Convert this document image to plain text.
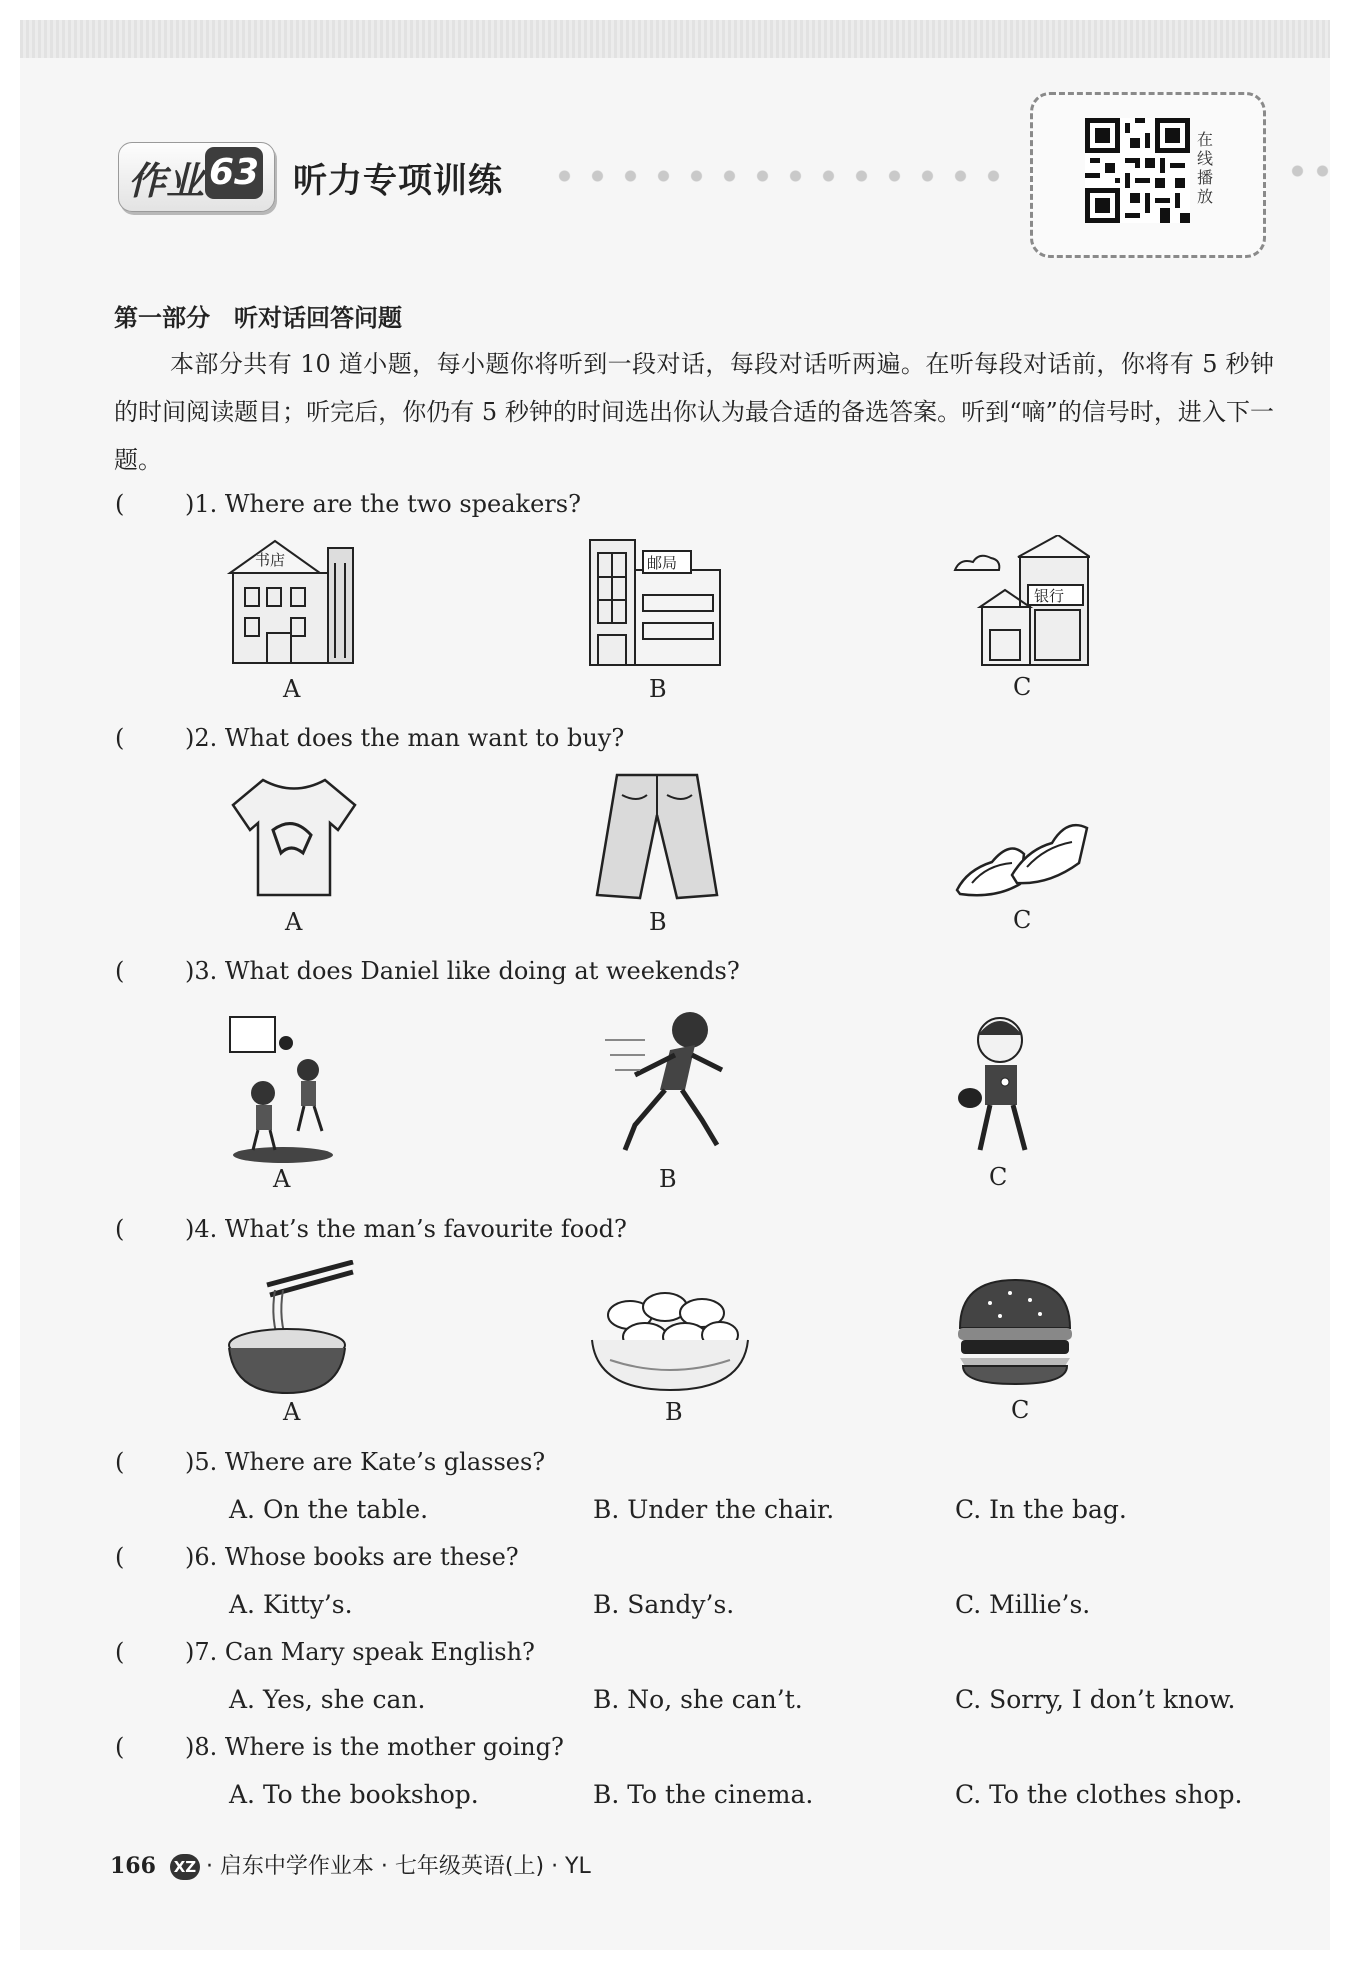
作业 63 听力专项训练
在线播放
第一部分　听对话回答问题
本部分共有 10 道小题，每小题你将听到一段对话，每段对话听两遍。在听每段对话前，你将有 5 秒钟的时间阅读题目；听完后，你仍有 5 秒钟的时间选出你认为最合适的备选答案。听到“嘀”的信号时，进入下一题。
(	)1. Where are the two speakers?
书店	邮局
银行
A	B	C
(	)2. What does the man want to buy?
A	B	C
(	)3. What does Daniel like doing at weekends?
A	B	C
(	)4. What’s the man’s favourite food?
A	B	C
(	)5. Where are Kate’s glasses?
A. On the table.	B. Under the chair.	C. In the bag.
(	)6. Whose books are these?
A. Kitty’s.	B. Sandy’s.	C. Millie’s.
(	)7. Can Mary speak English?
A. Yes, she can.	B. No, she can’t.	C. Sorry, I don’t know.
(	)8. Where is the mother going?
A. To the bookshop.	B. To the cinema.	C. To the clothes shop.
166 XZ · 启东中学作业本 · 七年级英语(上) · YL
